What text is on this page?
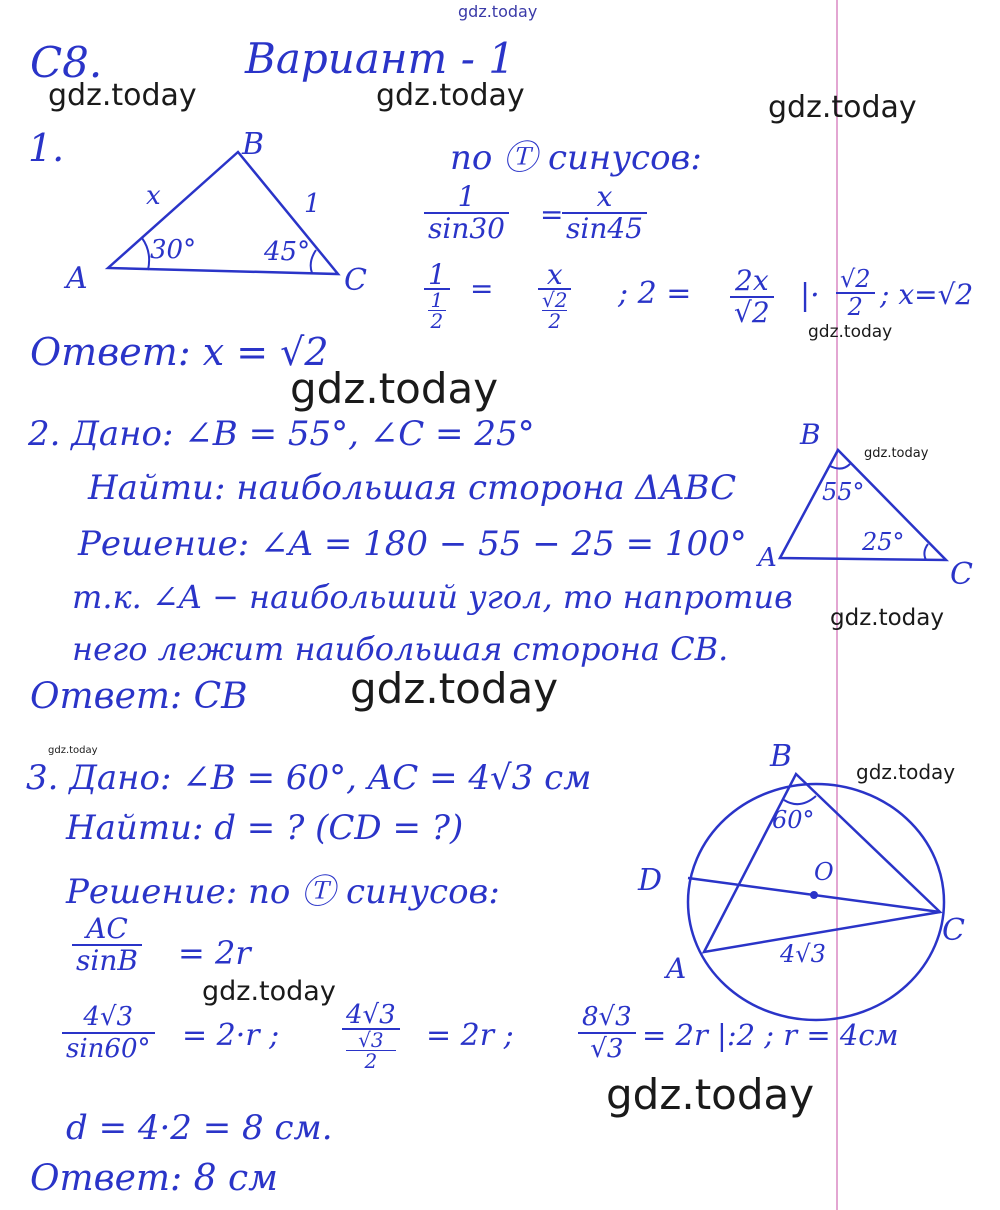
gdz.today
gdz.today	gdz.today	gdz.today
gdz.today
gdz.today
gdz.today
gdz.today
gdz.today
gdz.today
gdz.today
gdz.today
gdz.today
C8.	Вариант - 1
1.
A
B
C
x	1
30°	45°
по Ⓣ синусов:
$\frac{1}{\sin 30}$ =
$\frac{x}{\sin 45}$
1
1
2
=	x
√2
2
; $2 = \frac{2x}{√2}$ |· $\frac{√2}{2}$ ; x=√2
Ответ: x = √2
2. Дано: ∠B = 55°, ∠C = 25°
Найти: наибольшая сторона ΔABC
Решение: ∠A = 180 − 55 − 25 = 100°
т.к. ∠A − наибольший угол, то напротив
него лежит наибольшая сторона CB.
Ответ: CB
A
B
C
55°
25°
3. Дано: ∠B = 60°, AC = 4√3 см
Найти: d = ? (CD = ?)
Решение: по Ⓣ синусов:
$\frac{AC}{\sin B} = 2r$
$\frac{4√3}{\sin 60^\circ} = 2\cdot r$ ;
4√3
√3
2
= 2r ; $\frac{8√3}{√3} = 2r$ |:2 ; r = 4см
d = 4·2 = 8 см.
Ответ: 8 см
A
B
C
D	O
60°
4√3
